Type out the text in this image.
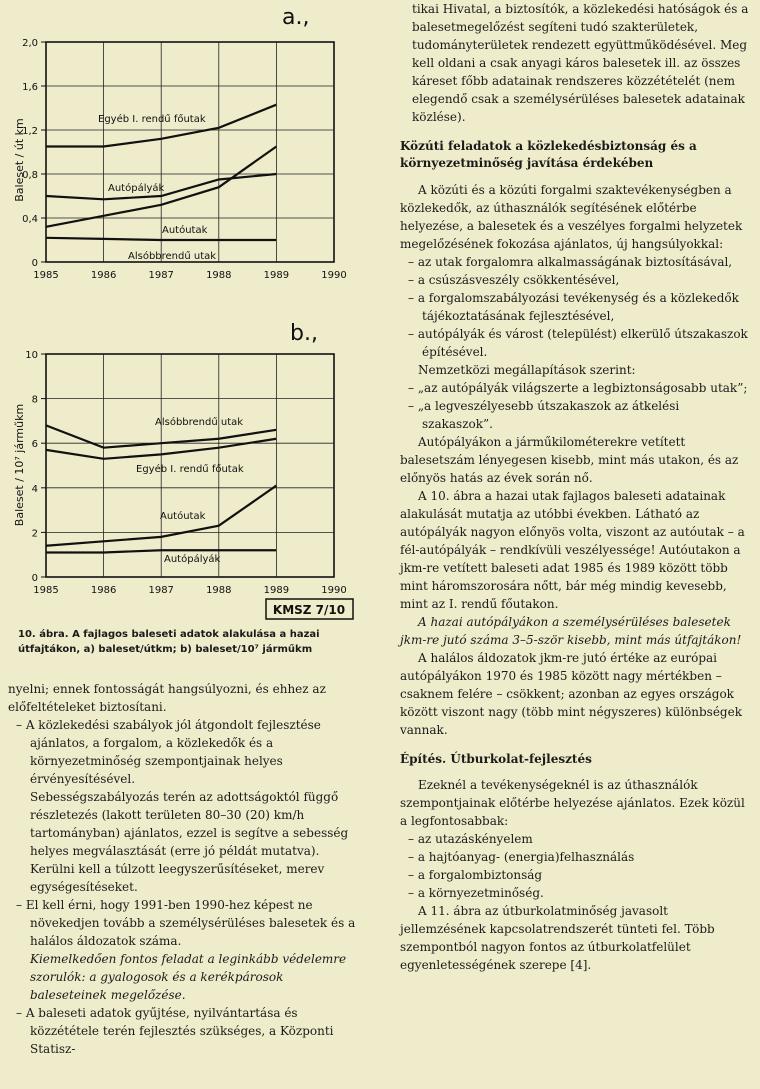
a.,
1985	1986	1987	1988	1989	1990
0
0,4
0,8
1,2
1,6
2,0
Baleset / út km	Egyéb I. rendű főutak
Autópályák
Autóutak
Alsóbbrendű utak
b.,
1985	1986	1987	1988	1989	1990
0
2
4
6
8
10
Baleset / 10⁷ járműkm	Alsóbbrendű utak
Egyéb I. rendű főutak
Autóutak
Autópályák
KMSZ 7/10
10. ábra. A fajlagos baleseti adatok alakulása a hazai útfajtákon, a) baleset/útkm; b) baleset/10⁷ járműkm

nyelni; ennek fontosságát hangsúlyozni, és ehhez az előfeltételeket biztosítani.

– A közlekedési szabályok jól átgondolt fejlesztése ajánlatos, a forgalom, a közlekedők és a környezetminőség szempontjainak helyes érvényesítésével.

Sebességszabályozás terén az adottságoktól függő részletezés (lakott területen 80–30 (20) km/h tartományban) ajánlatos, ezzel is segítve a sebesség helyes megválasztását (erre jó példát mutatva). Kerülni kell a túlzott leegyszerűsítéseket, merev egységesítéseket.

– El kell érni, hogy 1991-ben 1990-hez képest ne növekedjen tovább a személysérüléses balesetek és a halálos áldozatok száma.

Kiemelkedően fontos feladat a leginkább védelemre szorulók: a gyalogosok és a kerékpárosok baleseteinek megelőzése.

– A baleseti adatok gyűjtése, nyilvántartása és közzététele terén fejlesztés szükséges, a Központi Statisz-

tikai Hivatal, a biztosítók, a közlekedési hatóságok és a balesetmegelőzést segíteni tudó szakterületek, tudományterületek rendezett együttműködésével. Meg kell oldani a csak anyagi káros balesetek ill. az összes káreset főbb adatainak rendszeres közzétételét (nem elegendő csak a személysérüléses balesetek adatainak közlése).

Közúti feladatok a közlekedésbiztonság és a környezetminőség javítása érdekében

A közúti és a közúti forgalmi szaktevékenységben a közlekedők, az úthasználók segítésének előtérbe helyezése, a balesetek és a veszélyes forgalmi helyzetek megelőzésének fokozása ajánlatos, új hangsúlyokkal:

– az utak forgalomra alkalmasságának biztosításával,

– a csúszásveszély csökkentésével,

– a forgalomszabályozási tevékenység és a közlekedők tájékoztatásának fejlesztésével,

– autópályák és várost (települést) elkerülő útszakaszok építésével.

Nemzetközi megállapítások szerint:

– „az autópályák világszerte a legbiztonságosabb utak”;

– „a legveszélyesebb útszakaszok az átkelési szakaszok”.

Autópályákon a járműkilométerekre vetített balesetszám lényegesen kisebb, mint más utakon, és az előnyös hatás az évek során nő.

A 10. ábra a hazai utak fajlagos baleseti adatainak alakulását mutatja az utóbbi években. Látható az autópályák nagyon előnyös volta, viszont az autóutak – a fél-autópályák – rendkívüli veszélyessége! Autóutakon a jkm-re vetített baleseti adat 1985 és 1989 között több mint háromszorosára nőtt, bár még mindig kevesebb, mint az I. rendű főutakon.

A hazai autópályákon a személysérüléses balesetek jkm-re jutó száma 3–5-ször kisebb, mint más útfajtákon!

A halálos áldozatok jkm-re jutó értéke az európai autópályákon 1970 és 1985 között nagy mértékben – csaknem felére – csökkent; azonban az egyes országok között viszont nagy (több mint négyszeres) különbségek vannak.

Építés. Útburkolat-fejlesztés

Ezeknél a tevékenységeknél is az úthasználók szempontjainak előtérbe helyezése ajánlatos. Ezek közül a legfontosabbak:

– az utazáskényelem

– a hajtóanyag- (energia)felhasználás

– a forgalombiztonság

– a környezetminőség.

A 11. ábra az útburkolatminőség javasolt jellemzésének kapcsolatrendszerét tünteti fel. Több szempontból nagyon fontos az útburkolatfelület egyenletességének szerepe [4].
